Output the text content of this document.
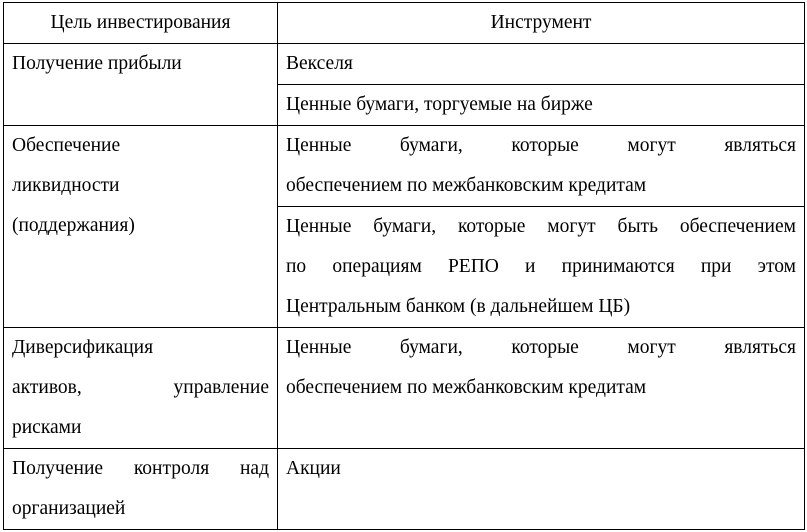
Цель инвестирования	Инструмент

Получение прибыли	Векселя

	Ценные бумаги, торгуемые на бирже

Обеспечение
ликвидности
(поддержания)	Ценные бумаги, которые могут являться
обеспечением по межбанковским кредитам

	Ценные бумаги, которые могут быть обеспечением
по операциям РЕПО и принимаются при этом
Центральным банком (в дальнейшем ЦБ)

Диверсификация
активов, управление
рисками	Ценные бумаги, которые могут являться
обеспечением по межбанковским кредитам

Получение контроля над
организацией	Акции
